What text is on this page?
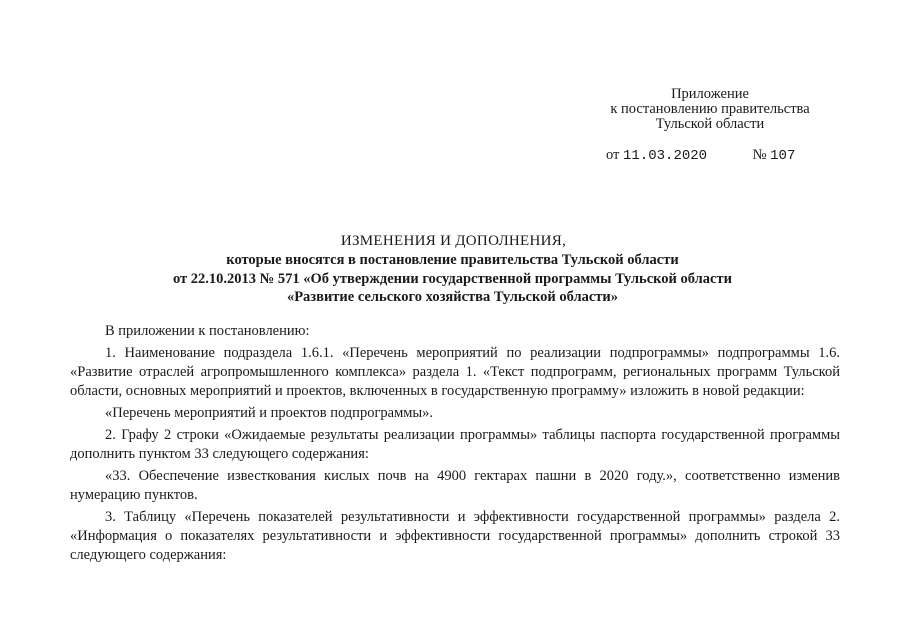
Приложение
к постановлению правительства
Тульской области
от 11.03.2020	№ 107
ИЗМЕНЕНИЯ И ДОПОЛНЕНИЯ,
которые вносятся в постановление правительства Тульской области
от 22.10.2013 № 571 «Об утверждении государственной программы Тульской области
«Развитие сельского хозяйства Тульской области»

В приложении к постановлению:

1. Наименование подраздела 1.6.1. «Перечень мероприятий по реализации подпрограммы» подпрограммы 1.6. «Развитие отраслей агропромышленного комплекса» раздела 1. «Текст подпрограмм, региональных программ Тульской области, основных мероприятий и проектов, включенных в государственную программу» изложить в новой редакции:

«Перечень мероприятий и проектов подпрограммы».

2. Графу 2 строки «Ожидаемые результаты реализации программы» таблицы паспорта государственной программы дополнить пунктом 33 следующего содержания:

«33. Обеспечение известкования кислых почв на 4900 гектарах пашни в 2020 году.», соответственно изменив нумерацию пунктов.

3. Таблицу «Перечень показателей результативности и эффективности государственной программы» раздела 2. «Информация о показателях результативности и эффективности государственной программы» дополнить строкой 33 следующего содержания:
